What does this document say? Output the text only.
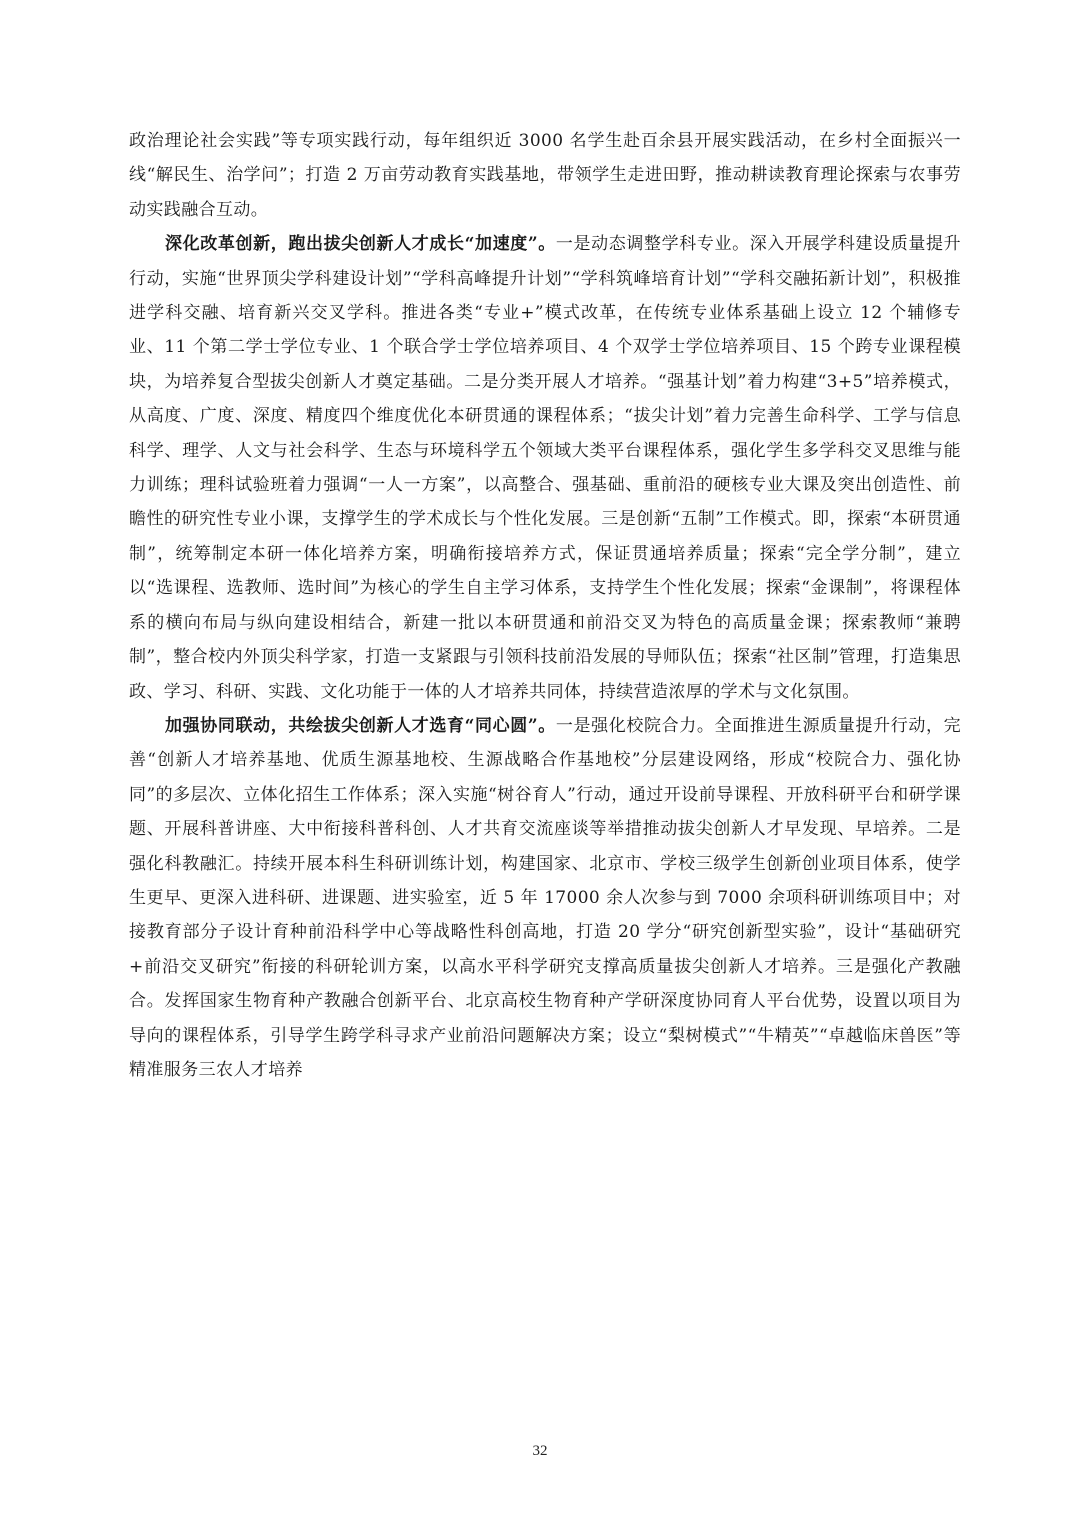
政治理论社会实践”等专项实践行动，每年组织近 3000 名学生赴百余县开展实践活动，在乡村全面振兴一线“解民生、治学问”；打造 2 万亩劳动教育实践基地，带领学生走进田野，推动耕读教育理论探索与农事劳动实践融合互动。

深化改革创新，跑出拔尖创新人才成长“加速度”。一是动态调整学科专业。深入开展学科建设质量提升行动，实施“世界顶尖学科建设计划”“学科高峰提升计划”“学科筑峰培育计划”“学科交融拓新计划”，积极推进学科交融、培育新兴交叉学科。推进各类“专业+”模式改革，在传统专业体系基础上设立 12 个辅修专业、11 个第二学士学位专业、1 个联合学士学位培养项目、4 个双学士学位培养项目、15 个跨专业课程模块，为培养复合型拔尖创新人才奠定基础。二是分类开展人才培养。“强基计划”着力构建“3+5”培养模式，从高度、广度、深度、精度四个维度优化本研贯通的课程体系；“拔尖计划”着力完善生命科学、工学与信息科学、理学、人文与社会科学、生态与环境科学五个领域大类平台课程体系，强化学生多学科交叉思维与能力训练；理科试验班着力强调“一人一方案”，以高整合、强基础、重前沿的硬核专业大课及突出创造性、前瞻性的研究性专业小课，支撑学生的学术成长与个性化发展。三是创新“五制”工作模式。即，探索“本研贯通制”，统筹制定本研一体化培养方案，明确衔接培养方式，保证贯通培养质量；探索“完全学分制”，建立以“选课程、选教师、选时间”为核心的学生自主学习体系，支持学生个性化发展；探索“金课制”，将课程体系的横向布局与纵向建设相结合，新建一批以本研贯通和前沿交叉为特色的高质量金课；探索教师“兼聘制”，整合校内外顶尖科学家，打造一支紧跟与引领科技前沿发展的导师队伍；探索“社区制”管理，打造集思政、学习、科研、实践、文化功能于一体的人才培养共同体，持续营造浓厚的学术与文化氛围。

加强协同联动，共绘拔尖创新人才选育“同心圆”。一是强化校院合力。全面推进生源质量提升行动，完善“创新人才培养基地、优质生源基地校、生源战略合作基地校”分层建设网络，形成“校院合力、强化协同”的多层次、立体化招生工作体系；深入实施“树谷育人”行动，通过开设前导课程、开放科研平台和研学课题、开展科普讲座、大中衔接科普科创、人才共育交流座谈等举措推动拔尖创新人才早发现、早培养。二是强化科教融汇。持续开展本科生科研训练计划，构建国家、北京市、学校三级学生创新创业项目体系，使学生更早、更深入进科研、进课题、进实验室，近 5 年 17000 余人次参与到 7000 余项科研训练项目中；对接教育部分子设计育种前沿科学中心等战略性科创高地，打造 20 学分“研究创新型实验”，设计“基础研究+前沿交叉研究”衔接的科研轮训方案，以高水平科学研究支撑高质量拔尖创新人才培养。三是强化产教融合。发挥国家生物育种产教融合创新平台、北京高校生物育种产学研深度协同育人平台优势，设置以项目为导向的课程体系，引导学生跨学科寻求产业前沿问题解决方案；设立“梨树模式”“牛精英”“卓越临床兽医”等精准服务三农人才培养

32
